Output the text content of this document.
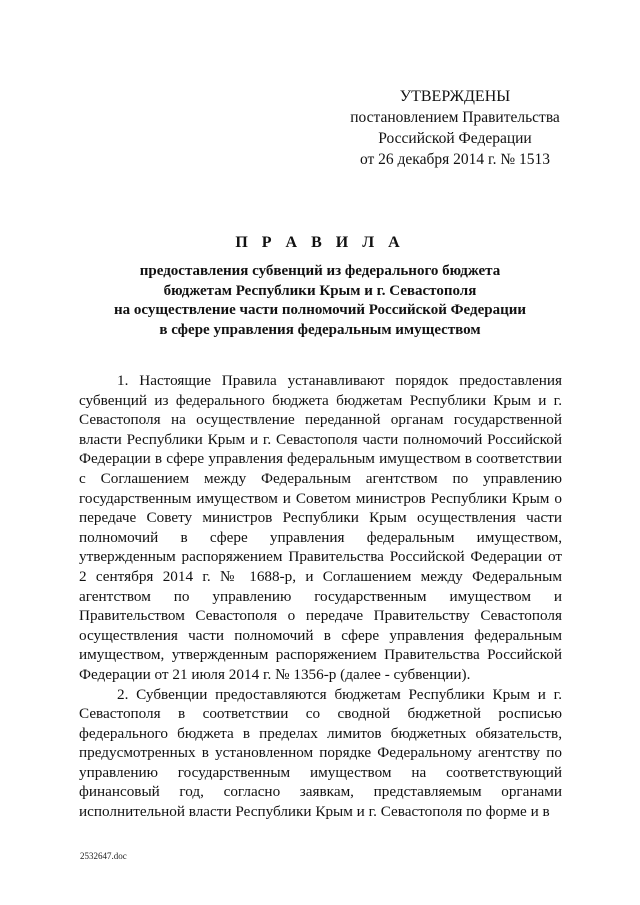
УТВЕРЖДЕНЫ
постановлением Правительства
Российской Федерации
от 26 декабря 2014 г. № 1513
П Р А В И Л А
предоставления субвенций из федерального бюджета
бюджетам Республики Крым и г. Севастополя
на осуществление части полномочий Российской Федерации
в сфере управления федеральным имуществом

1. Настоящие Правила устанавливают порядок предоставления субвенций из федерального бюджета бюджетам Республики Крым и г. Севастополя на осуществление переданной органам государственной власти Республики Крым и г. Севастополя части полномочий Российской Федерации в сфере управления федеральным имуществом в соответствии с Соглашением между Федеральным агентством по управлению государственным имуществом и Советом министров Республики Крым о передаче Совету министров Республики Крым осуществления части полномочий в сфере управления федеральным имуществом, утвержденным распоряжением Правительства Российской Федерации от 2 сентября 2014 г. № 1688-р, и Соглашением между Федеральным агентством по управлению государственным имуществом и Правительством Севастополя о передаче Правительству Севастополя осуществления части полномочий в сфере управления федеральным имуществом, утвержденным распоряжением Правительства Российской Федерации от 21 июля 2014 г. № 1356-р (далее - субвенции).

2. Субвенции предоставляются бюджетам Республики Крым и г. Севастополя в соответствии со сводной бюджетной росписью федерального бюджета в пределах лимитов бюджетных обязательств, предусмотренных в установленном порядке Федеральному агентству по управлению государственным имуществом на соответствующий финансовый год, согласно заявкам, представляемым органами исполнительной власти Республики Крым и г. Севастополя по форме и в

2532647.doc
